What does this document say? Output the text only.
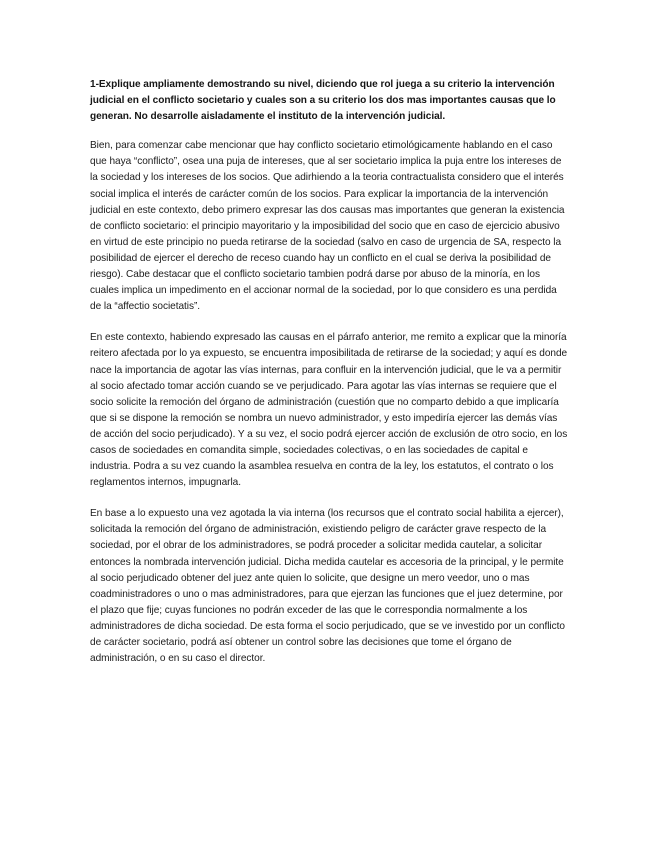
1-Explique ampliamente demostrando su nivel, diciendo que rol juega a su criterio la intervención judicial en el conflicto societario y cuales son a su criterio los dos mas importantes causas que lo generan. No desarrolle aisladamente el instituto de la intervención judicial.

Bien, para comenzar cabe mencionar que hay conflicto societario etimológicamente hablando en el caso que haya “conflicto”, osea una puja de intereses, que al ser societario implica la puja entre los intereses de la sociedad y los intereses de los socios. Que adirhiendo a la teoria contractualista considero que el interés social implica el interés de carácter común de los socios. Para explicar la importancia de la intervención judicial en este contexto, debo primero expresar las dos causas mas importantes que generan la existencia de conflicto societario: el principio mayoritario y la imposibilidad del socio que en caso de ejercicio abusivo en virtud de este principio no pueda retirarse de la sociedad (salvo en caso de urgencia de SA, respecto la posibilidad de ejercer el derecho de receso cuando hay un conflicto en el cual se deriva la posibilidad de riesgo). Cabe destacar que el conflicto societario tambien podrá darse por abuso de la minoría, en los cuales implica un impedimento en el accionar normal de la sociedad, por lo que considero es una perdida de la “affectio societatis”.

En este contexto, habiendo expresado las causas en el párrafo anterior, me remito a explicar que la minoría reitero afectada por lo ya expuesto, se encuentra imposibilitada de retirarse de la sociedad; y aquí es donde nace la importancia de agotar las vías internas, para confluir en la intervención judicial, que le va a permitir al socio afectado tomar acción cuando se ve perjudicado. Para agotar las vías internas se requiere que el socio solicite la remoción del órgano de administración (cuestión que no comparto debido a que implicaría que si se dispone la remoción se nombra un nuevo administrador, y esto impediría ejercer las demás vías de acción del socio perjudicado). Y a su vez, el socio podrá ejercer acción de exclusión de otro socio, en los casos de sociedades en comandita simple, sociedades colectivas, o en las sociedades de capital e industria. Podra a su vez cuando la asamblea resuelva en contra de la ley, los estatutos, el contrato o los reglamentos internos, impugnarla.

En base a lo expuesto una vez agotada la via interna (los recursos que el contrato social habilita a ejercer), solicitada la remoción del órgano de administración, existiendo peligro de carácter grave respecto de la sociedad, por el obrar de los administradores, se podrá proceder a solicitar medida cautelar, a solicitar entonces la nombrada intervención judicial. Dicha medida cautelar es accesoria de la principal, y le permite al socio perjudicado obtener del juez ante quien lo solicite, que designe un mero veedor, uno o mas coadministradores o uno o mas administradores, para que ejerzan las funciones que el juez determine, por el plazo que fije; cuyas funciones no podrán exceder de las que le correspondia normalmente a los administradores de dicha sociedad. De esta forma el socio perjudicado, que se ve investido por un conflicto de carácter societario, podrá así obtener un control sobre las decisiones que tome el órgano de administración, o en su caso el director.
